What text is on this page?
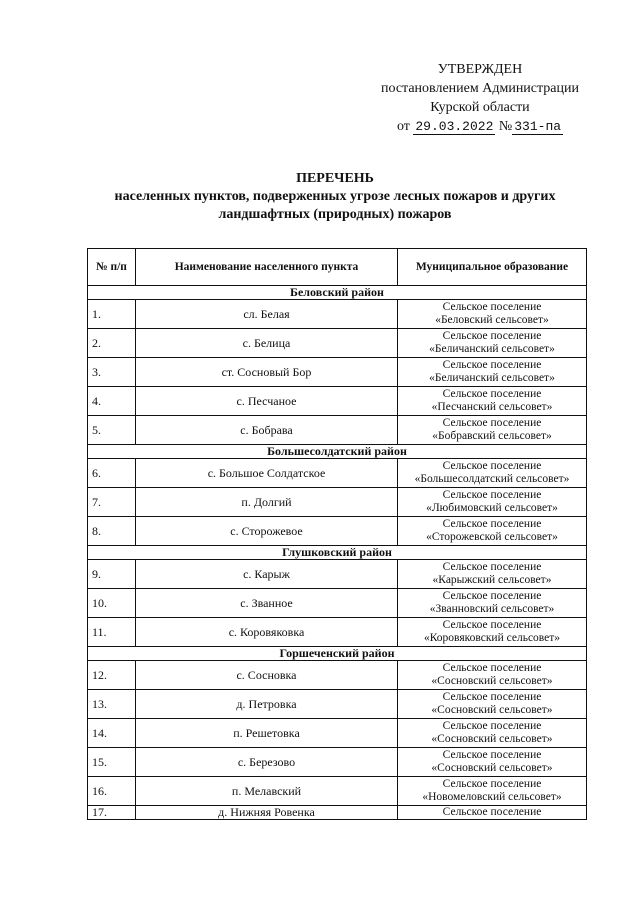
УТВЕРЖДЕН
постановлением Администрации
Курской области
от 29.03.2022 № 331-па
ПЕРЕЧЕНЬ
населенных пунктов, подверженных угрозе лесных пожаров и других
ландшафтных (природных) пожаров
№ п/п	Наименование населенного пункта	Муниципальное образование
Беловский район		
1.	сл. Белая	Сельское поселение
«Беловский сельсовет»

2.	с. Белица	Сельское поселение
«Беличанский сельсовет»

3.	ст. Сосновый Бор	Сельское поселение
«Беличанский сельсовет»

4.	с. Песчаное	Сельское поселение
«Песчанский сельсовет»

5.	с. Бобрава	Сельское поселение
«Бобравский сельсовет»

Большесолдатский район		
6.	с. Большое Солдатское	Сельское поселение
«Большесолдатский сельсовет»

7.	п. Долгий	Сельское поселение
«Любимовский сельсовет»

8.	с. Сторожевое	Сельское поселение
«Сторожевской сельсовет»

Глушковский район		
9.	с. Карыж	Сельское поселение
«Карыжский сельсовет»

10.	с. Званное	Сельское поселение
«Званновский сельсовет»

11.	с. Коровяковка	Сельское поселение
«Коровяковский сельсовет»

Горшеченский район		
12.	с. Сосновка	Сельское поселение
«Сосновский сельсовет»

13.	д. Петровка	Сельское поселение
«Сосновский сельсовет»

14.	п. Решетовка	Сельское поселение
«Сосновский сельсовет»

15.	с. Березово	Сельское поселение
«Сосновский сельсовет»

16.	п. Мелавский	Сельское поселение
«Новомеловский сельсовет»

17.	д. Нижняя Ровенка	Сельское поселение
